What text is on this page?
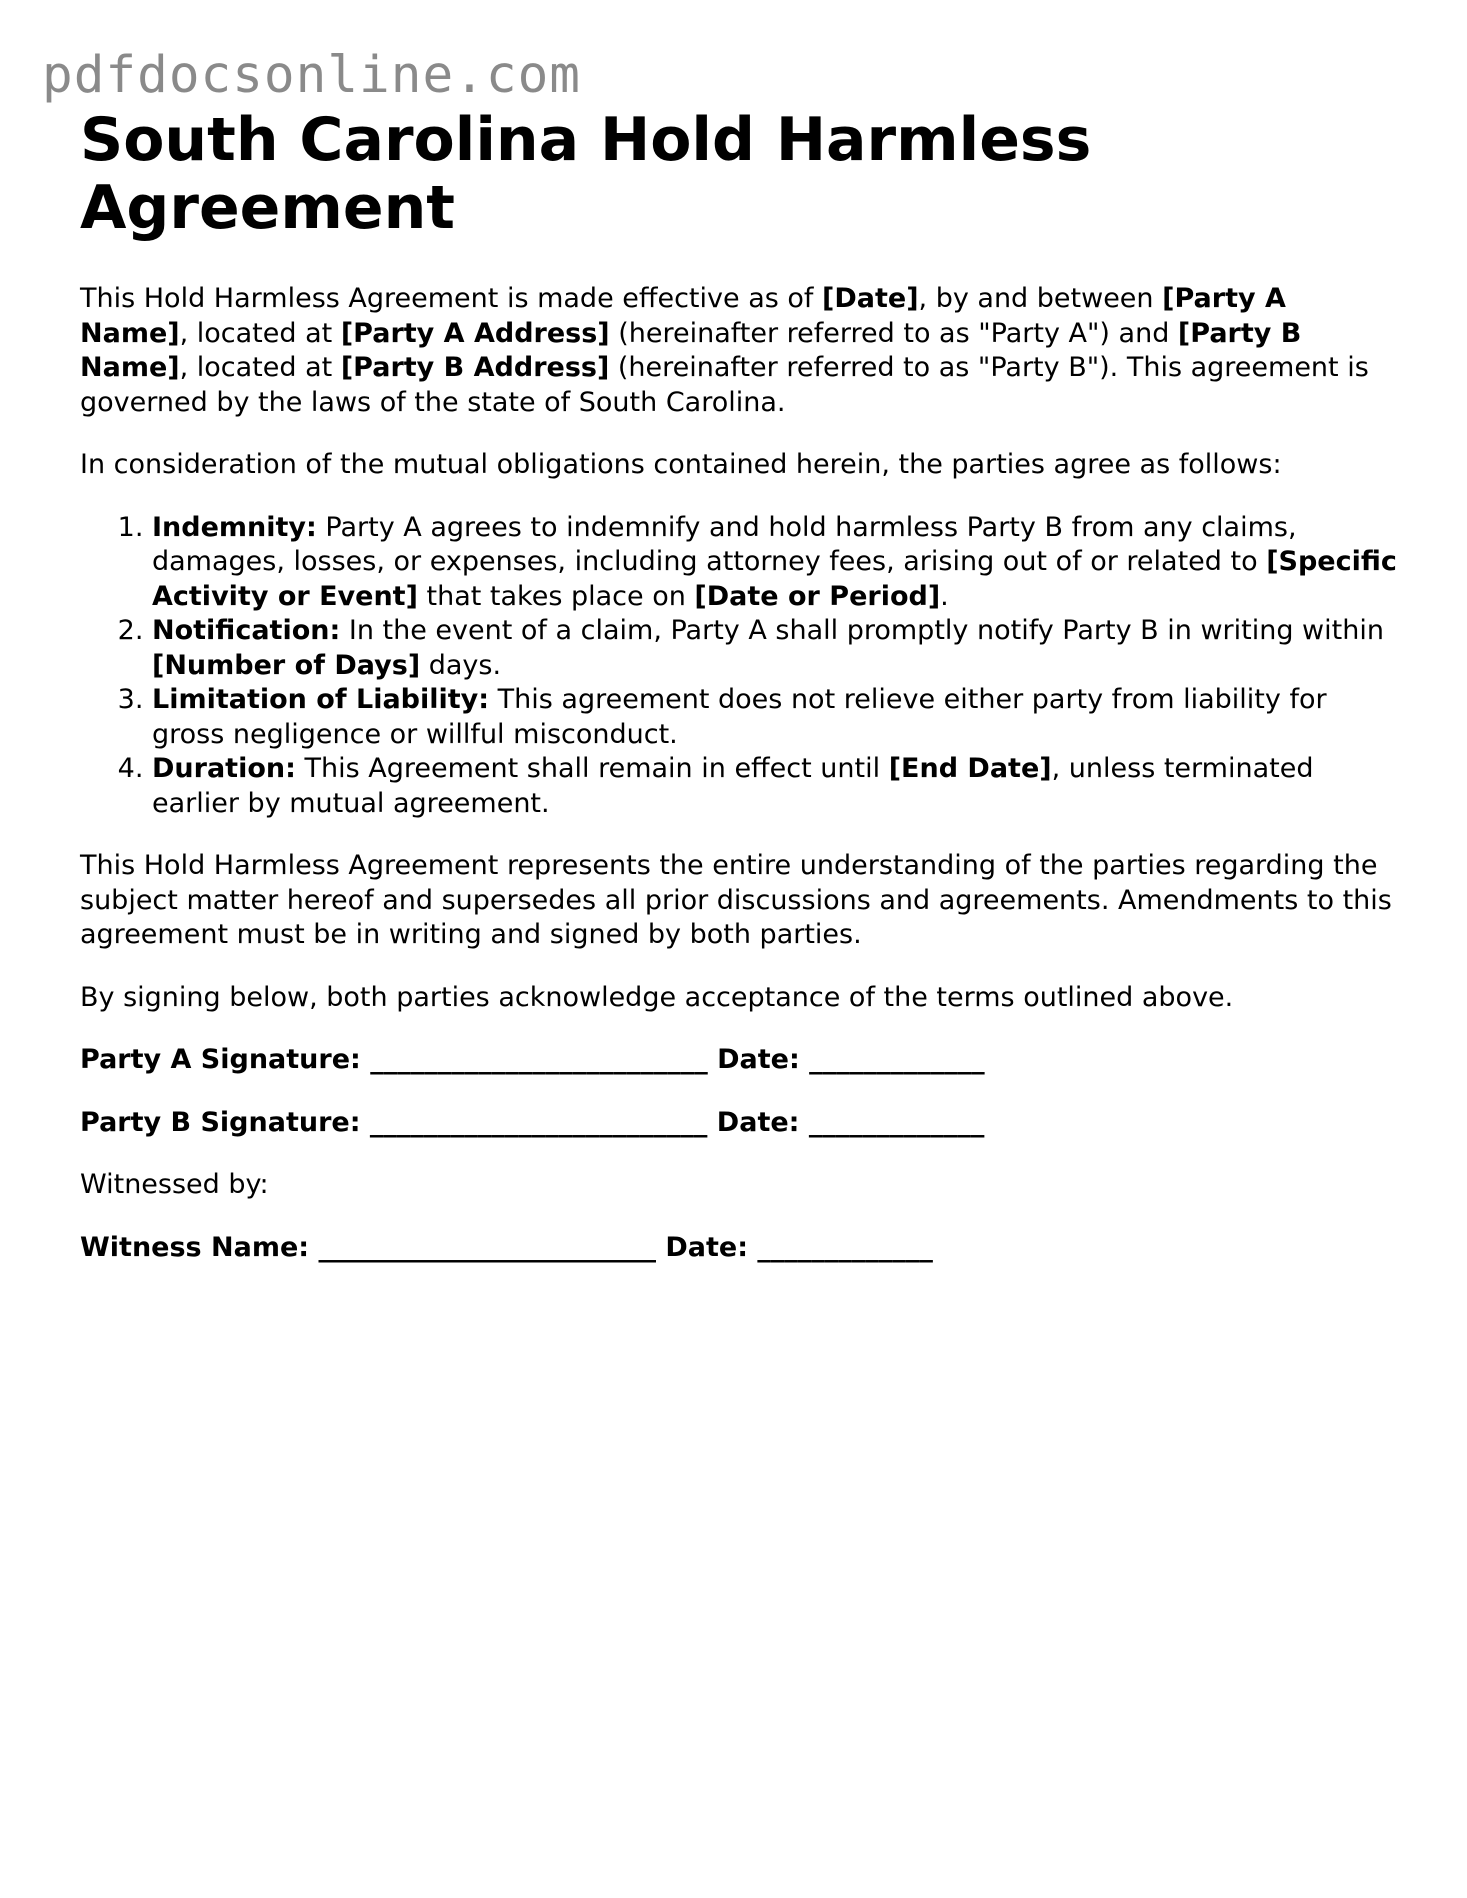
pdfdocsonline.com
South Carolina Hold Harmless Agreement

This Hold Harmless Agreement is made effective as of [Date], by and between [Party A Name], located at [Party A Address] (hereinafter referred to as "Party A") and [Party B Name], located at [Party B Address] (hereinafter referred to as "Party B"). This agreement is governed by the laws of the state of South Carolina.

In consideration of the mutual obligations contained herein, the parties agree as follows:

1. Indemnity: Party A agrees to indemnify and hold harmless Party B from any claims, damages, losses, or expenses, including attorney fees, arising out of or related to [Specific Activity or Event] that takes place on [Date or Period].
2. Notification: In the event of a claim, Party A shall promptly notify Party B in writing within [Number of Days] days.
3. Limitation of Liability: This agreement does not relieve either party from liability for gross negligence or willful misconduct.
4. Duration: This Agreement shall remain in effect until [End Date], unless terminated earlier by mutual agreement.

This Hold Harmless Agreement represents the entire understanding of the parties regarding the subject matter hereof and supersedes all prior discussions and agreements. Amendments to this agreement must be in writing and signed by both parties.

By signing below, both parties acknowledge acceptance of the terms outlined above.

Party A Signature: _________________________ Date: _____________
Party B Signature: _________________________ Date: _____________
Witnessed by:
Witness Name: _________________________ Date: _____________
